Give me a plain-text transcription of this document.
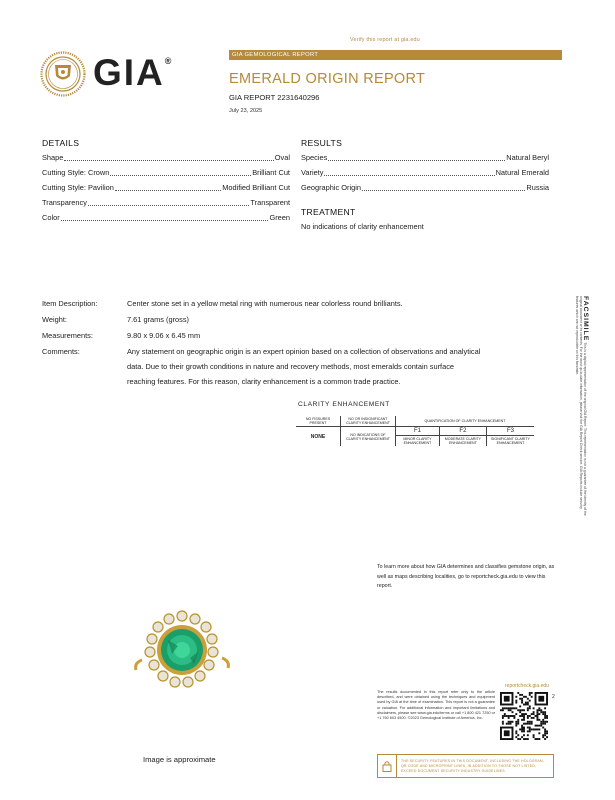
Verify this report at gia.edu
GIA®
GIA GEMOLOGICAL REPORT
EMERALD ORIGIN REPORT
GIA REPORT 2231640296
July 23, 2025
DETAILS
Shape	Oval
Cutting Style: Crown	Brilliant Cut
Cutting Style: Pavilion	Modified Brilliant Cut
Transparency	Transparent
Color	Green
RESULTS
Species	Natural Beryl
Variety	Natural Emerald
Geographic Origin	Russia
TREATMENT
No indications of clarity enhancement
Item Description:	Center stone set in a yellow metal ring with numerous near colorless round brilliants.
Weight:	7.61 grams (gross)
Measurements:	9.80 x 9.06 x 6.45 mm
Comments:	Any statement on geographic origin is an expert opinion based on a collection of observations and analytical
data. Due to their growth conditions in nature and recovery methods, most emeralds contain surface
reaching features. For this reason, clarity enhancement is a common trade practice.
CLARITY ENHANCEMENT
NO FISSURES PRESENT	NO OR INSIGNIFICANT CLARITY ENHANCEMENT	QUANTIFICATION OF CLARITY ENHANCEMENT		
NONE	NO INDICATIONS OF CLARITY ENHANCEMENT	F1	F2	F3
		MINOR CLARITY ENHANCEMENT	MODERATE CLARITY ENHANCEMENT	SIGNIFICANT CLARITY ENHANCEMENT
FACSIMILE This is a digital representation of the original GIA Report. This representation is not a guarantee of the identity of the original document or its contents. For the most up-to-date information, please visit the GIA Report Check service. GIA Reports include security features which are not reproducible on this facsimile.
To learn more about how GIA determines and classifies gemstone origin, as well as maps describing localities, go to reportcheck.gia.edu to view this report.
Image is approximate
reportcheck.gia.edu
The results documented in this report refer only to the article described, and were obtained using the techniques and equipment used by GIA at the time of examination. This report is not a guarantee or valuation. For additional information and important limitations and disclaimers, please see www.gia.edu/terms or call +1 800 421 7250 or +1 760 603 4500. ©2023 Gemological Institute of America, Inc.
2
THE SECURITY FEATURES IN THIS DOCUMENT, INCLUDING THE HOLOGRAM, QR CODE AND MICROPRINT LINES, IN ADDITION TO THOSE NOT LISTED, EXCEED DOCUMENT SECURITY INDUSTRY GUIDELINES.
